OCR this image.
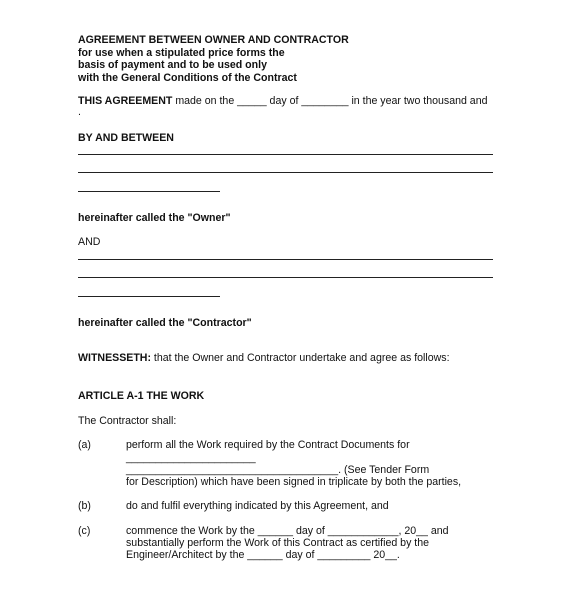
AGREEMENT BETWEEN OWNER AND CONTRACTOR
for use when a stipulated price forms the
basis of payment and to be used only
with the General Conditions of the Contract
THIS AGREEMENT made on the _____ day of ________ in the year two thousand and
.
BY AND BETWEEN
hereinafter called the "Owner"
AND
hereinafter called the "Contractor"
WITNESSETH: that the Owner and Contractor undertake and agree as follows:
ARTICLE A-1 THE WORK
The Contractor shall:
(a)	perform all the Work required by the Contract Documents for
______________________
____________________________________. (See Tender Form
for Description) which have been signed in triplicate by both the parties,
(b)	do and fulfil everything indicated by this Agreement, and
(c)	commence the Work by the ______ day of ____________, 20__ and
substantially perform the Work of this Contract as certified by the
Engineer/Architect by the ______ day of _________ 20__.
